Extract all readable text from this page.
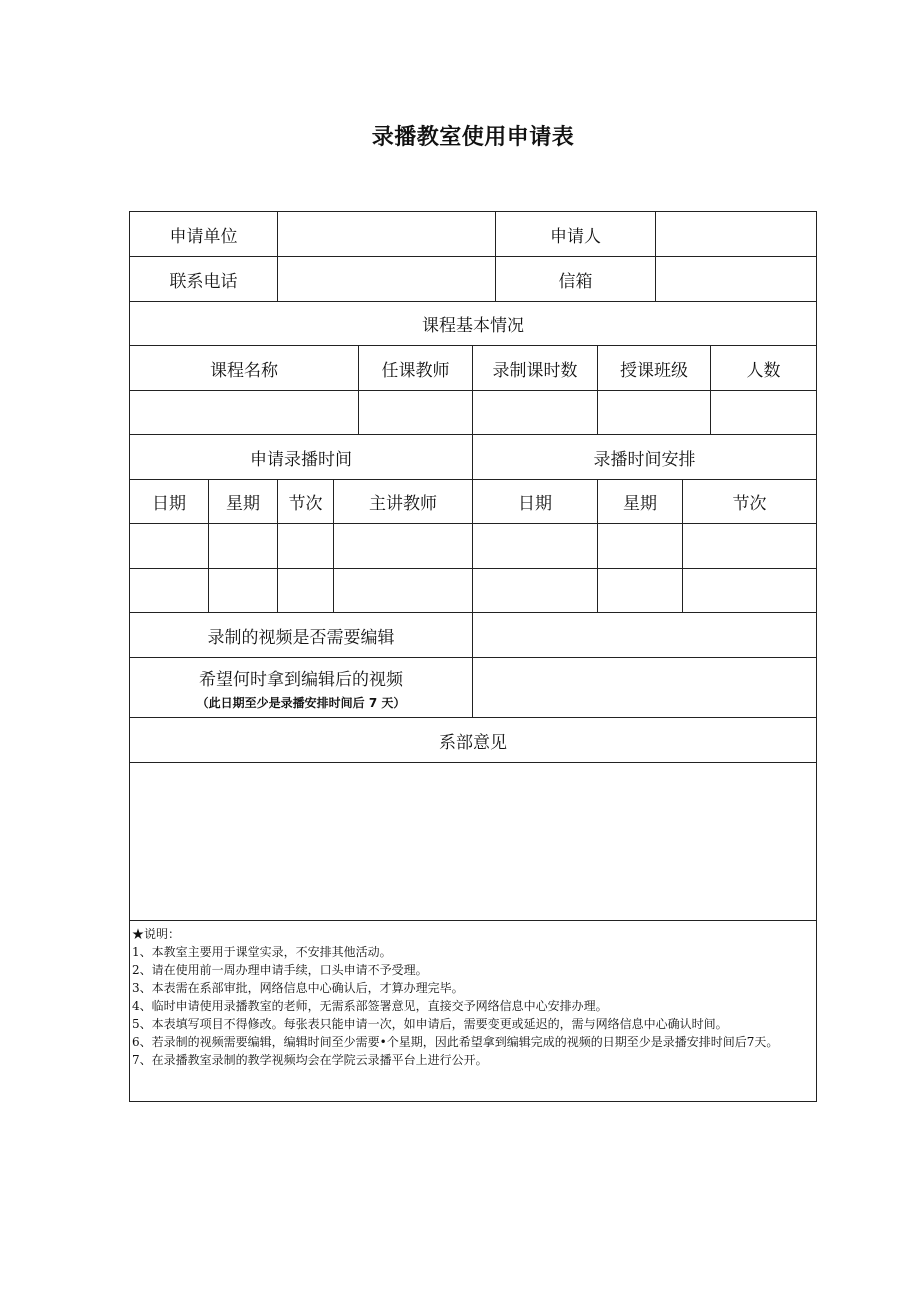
录播教室使用申请表
申请单位	申请人
联系电话	信箱
课程基本情况
课程名称	任课教师	录制课时数	授课班级	人数
申请录播时间	录播时间安排
日期	星期	节次	主讲教师	日期	星期	节次
录制的视频是否需要编辑
希望何时拿到编辑后的视频
（此日期至少是录播安排时间后 7 天）
系部意见
★说明：
1、本教室主要用于课堂实录，不安排其他活动。
2、请在使用前一周办理申请手续，口头申请不予受理。
3、本表需在系部审批，网络信息中心确认后，才算办理完毕。
4、临时申请使用录播教室的老师，无需系部签署意见，直接交予网络信息中心安排办理。
5、本表填写项目不得修改。每张表只能申请一次，如申请后，需要变更或延迟的，需与网络信息中心确认时间。
6、若录制的视频需要编辑，编辑时间至少需要•个星期，因此希望拿到编辑完成的视频的日期至少是录播安排时间后7天。
7、在录播教室录制的教学视频均会在学院云录播平台上进行公开。
